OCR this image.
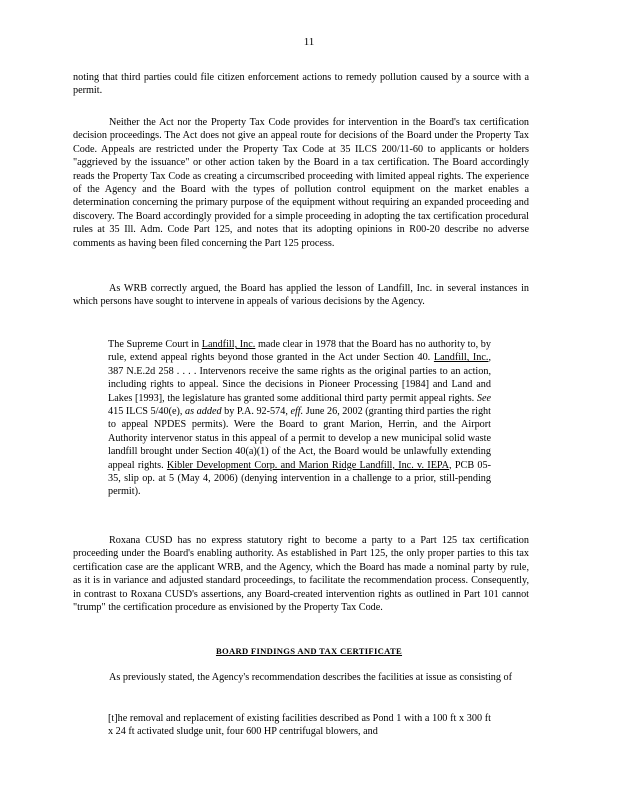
11

noting that third parties could file citizen enforcement actions to remedy pollution caused by a source with a permit.

Neither the Act nor the Property Tax Code provides for intervention in the Board's tax certification decision proceedings. The Act does not give an appeal route for decisions of the Board under the Property Tax Code. Appeals are restricted under the Property Tax Code at 35 ILCS 200/11-60 to applicants or holders "aggrieved by the issuance" or other action taken by the Board in a tax certification. The Board accordingly reads the Property Tax Code as creating a circumscribed proceeding with limited appeal rights. The experience of the Agency and the Board with the types of pollution control equipment on the market enables a determination concerning the primary purpose of the equipment without requiring an expanded proceeding and discovery. The Board accordingly provided for a simple proceeding in adopting the tax certification procedural rules at 35 Ill. Adm. Code Part 125, and notes that its adopting opinions in R00-20 describe no adverse comments as having been filed concerning the Part 125 process.

As WRB correctly argued, the Board has applied the lesson of Landfill, Inc. in several instances in which persons have sought to intervene in appeals of various decisions by the Agency.

The Supreme Court in Landfill, Inc. made clear in 1978 that the Board has no authority to, by rule, extend appeal rights beyond those granted in the Act under Section 40. Landfill, Inc., 387 N.E.2d 258 . . . . Intervenors receive the same rights as the original parties to an action, including rights to appeal. Since the decisions in Pioneer Processing [1984] and Land and Lakes [1993], the legislature has granted some additional third party permit appeal rights. See 415 ILCS 5/40(e), as added by P.A. 92-574, eff. June 26, 2002 (granting third parties the right to appeal NPDES permits). Were the Board to grant Marion, Herrin, and the Airport Authority intervenor status in this appeal of a permit to develop a new municipal solid waste landfill brought under Section 40(a)(1) of the Act, the Board would be unlawfully extending appeal rights. Kibler Development Corp. and Marion Ridge Landfill, Inc. v. IEPA, PCB 05-35, slip op. at 5 (May 4, 2006) (denying intervention in a challenge to a prior, still-pending permit).

Roxana CUSD has no express statutory right to become a party to a Part 125 tax certification proceeding under the Board's enabling authority. As established in Part 125, the only proper parties to this tax certification case are the applicant WRB, and the Agency, which the Board has made a nominal party by rule, as it is in variance and adjusted standard proceedings, to facilitate the recommendation process. Consequently, in contrast to Roxana CUSD's assertions, any Board-created intervention rights as outlined in Part 101 cannot "trump" the certification procedure as envisioned by the Property Tax Code.

BOARD FINDINGS AND TAX CERTIFICATE

As previously stated, the Agency's recommendation describes the facilities at issue as consisting of

[t]he removal and replacement of existing facilities described as Pond 1 with a 100 ft x 300 ft x 24 ft activated sludge unit, four 600 HP centrifugal blowers, and
